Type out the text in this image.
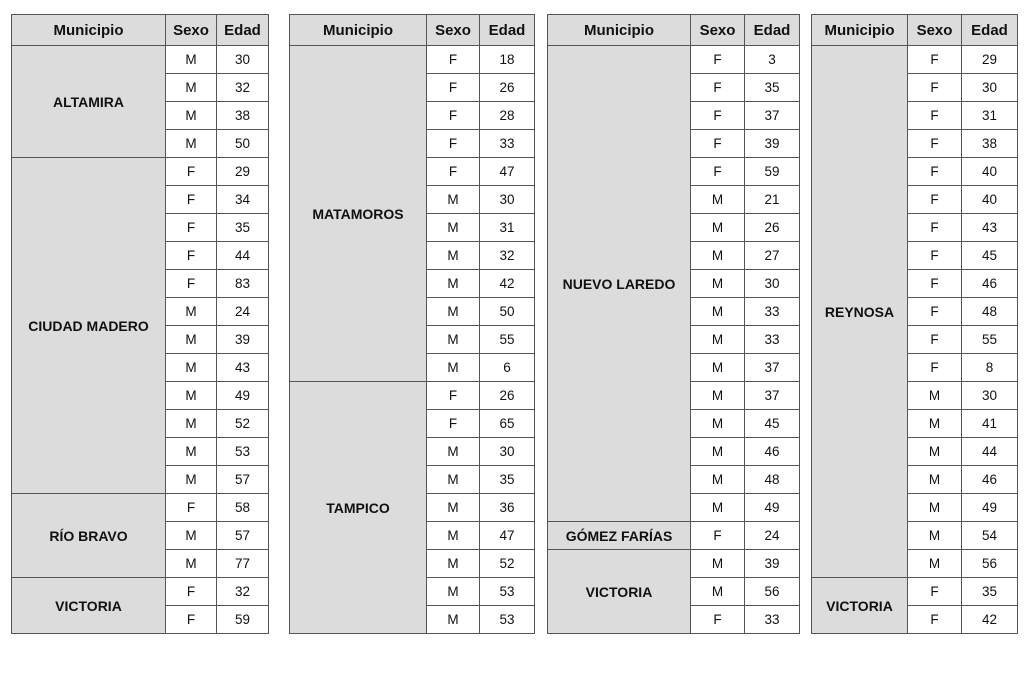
Municipio	Sexo	Edad
ALTAMIRA	M	30
	M	32
	M	38
	M	50
CIUDAD MADERO	F	29
	F	34
	F	35
	F	44
	F	83
	M	24
	M	39
	M	43
	M	49
	M	52
	M	53
	M	57
RÍO BRAVO	F	58
	M	57
	M	77
VICTORIA	F	32
	F	59
Municipio	Sexo	Edad
MATAMOROS	F	18
	F	26
	F	28
	F	33
	F	47
	M	30
	M	31
	M	32
	M	42
	M	50
	M	55
	M	6
TAMPICO	F	26
	F	65
	M	30
	M	35
	M	36
	M	47
	M	52
	M	53
	M	53
Municipio	Sexo	Edad
NUEVO LAREDO	F	3
	F	35
	F	37
	F	39
	F	59
	M	21
	M	26
	M	27
	M	30
	M	33
	M	33
	M	37
	M	37
	M	45
	M	46
	M	48
	M	49
GÓMEZ FARÍAS	F	24
VICTORIA	M	39
	M	56
	F	33
Municipio	Sexo	Edad
REYNOSA	F	29
	F	30
	F	31
	F	38
	F	40
	F	40
	F	43
	F	45
	F	46
	F	48
	F	55
	F	8
	M	30
	M	41
	M	44
	M	46
	M	49
	M	54
	M	56
VICTORIA	F	35
	F	42
